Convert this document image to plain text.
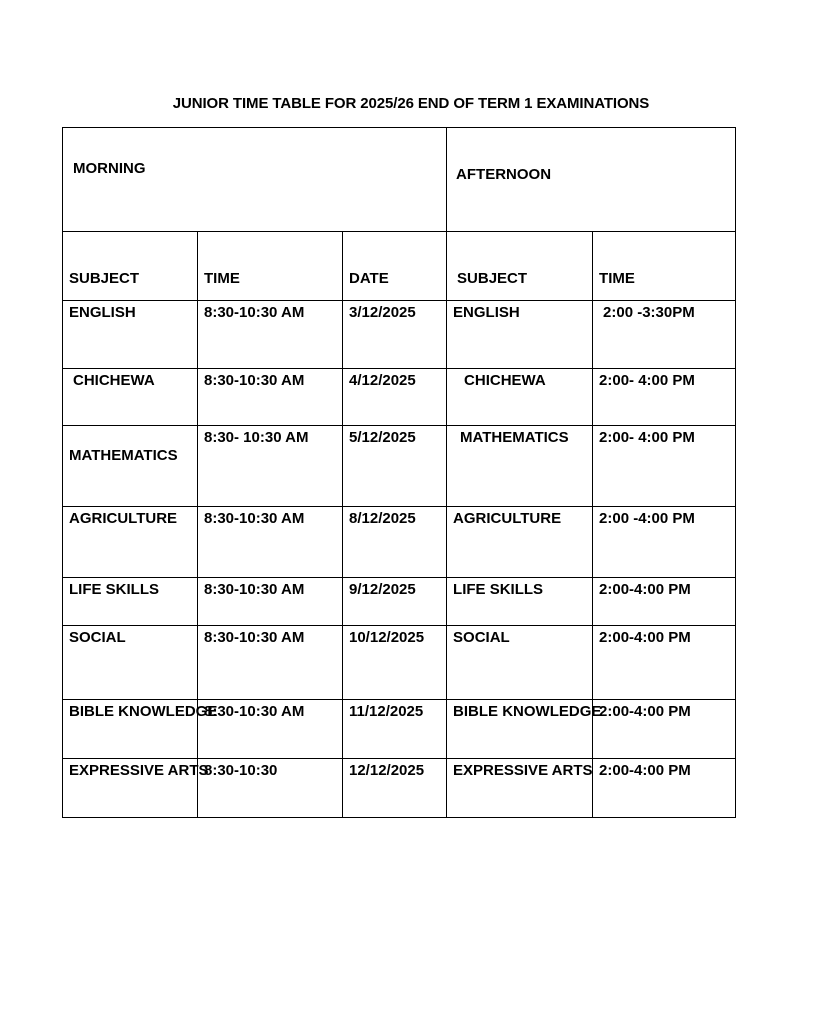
JUNIOR TIME TABLE FOR 2025/26 END OF TERM 1 EXAMINATIONS
MORNING			AFTERNOON	
SUBJECT	TIME	DATE	SUBJECT	TIME
ENGLISH	8:30-10:30 AM	3/12/2025	ENGLISH	2:00 -3:30PM
CHICHEWA	8:30-10:30 AM	4/12/2025	CHICHEWA	2:00- 4:00 PM
MATHEMATICS	8:30- 10:30 AM	5/12/2025	MATHEMATICS	2:00- 4:00 PM
AGRICULTURE	8:30-10:30 AM	8/12/2025	AGRICULTURE	2:00 -4:00 PM
LIFE SKILLS	8:30-10:30 AM	9/12/2025	LIFE SKILLS	2:00-4:00 PM
SOCIAL	8:30-10:30 AM	10/12/2025	SOCIAL	2:00-4:00 PM
BIBLE KNOWLEDGE	8:30-10:30 AM	11/12/2025	BIBLE KNOWLEDGE	2:00-4:00 PM
EXPRESSIVE ARTS	8:30-10:30	12/12/2025	EXPRESSIVE ARTS	2:00-4:00 PM
